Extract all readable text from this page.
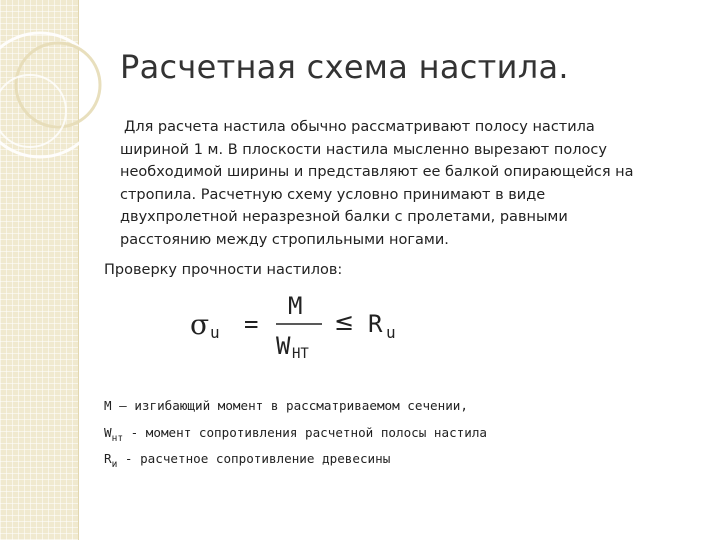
Расчетная схема настила.
Для расчета настила обычно рассматривают полосу настила шириной 1 м. В плоскости настила мысленно вырезают полосу необходимой ширины и представляют ее балкой опирающейся на стропила. Расчетную схему условно принимают в виде двухпролетной неразрезной балки с пролетами, равными расстоянию между стропильными ногами.
Проверку прочности настилов:
σ u =
M
W HT
≤ R u
M – изгибающий момент в рассматриваемом сечении,
$W_{нт}$ - момент сопротивления расчетной полосы настила
$R_и$ - расчетное сопротивление древесины
